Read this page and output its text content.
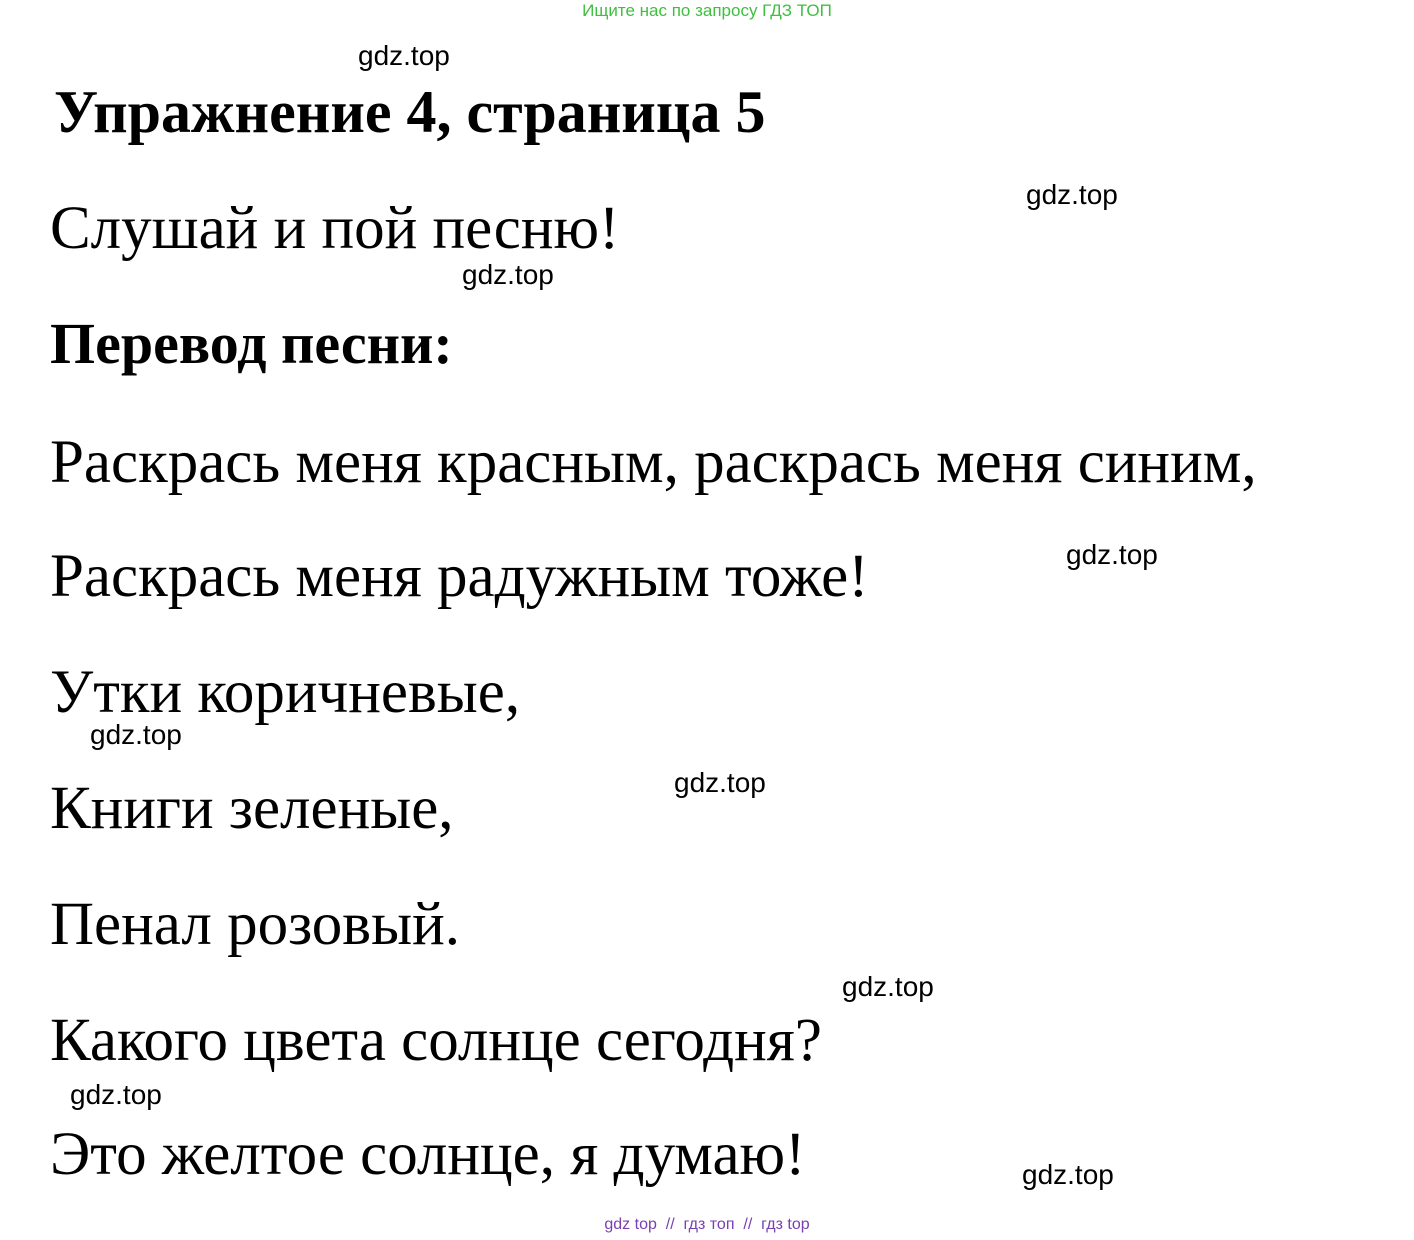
Ищите нас по запросу ГДЗ ТОП
gdz.top
Упражнение 4, страница 5
gdz.top
Слушай и пой песню!
gdz.top
Перевод песни:
Раскрась меня красным, раскрась меня синим,
gdz.top
Раскрась меня радужным тоже!
Утки коричневые,
gdz.top
gdz.top
Книги зеленые,
Пенал розовый.
gdz.top
Какого цвета солнце сегодня?
gdz.top
Это желтое солнце, я думаю!	gdz.top
gdz top  //  гдз топ  //  гдз top
